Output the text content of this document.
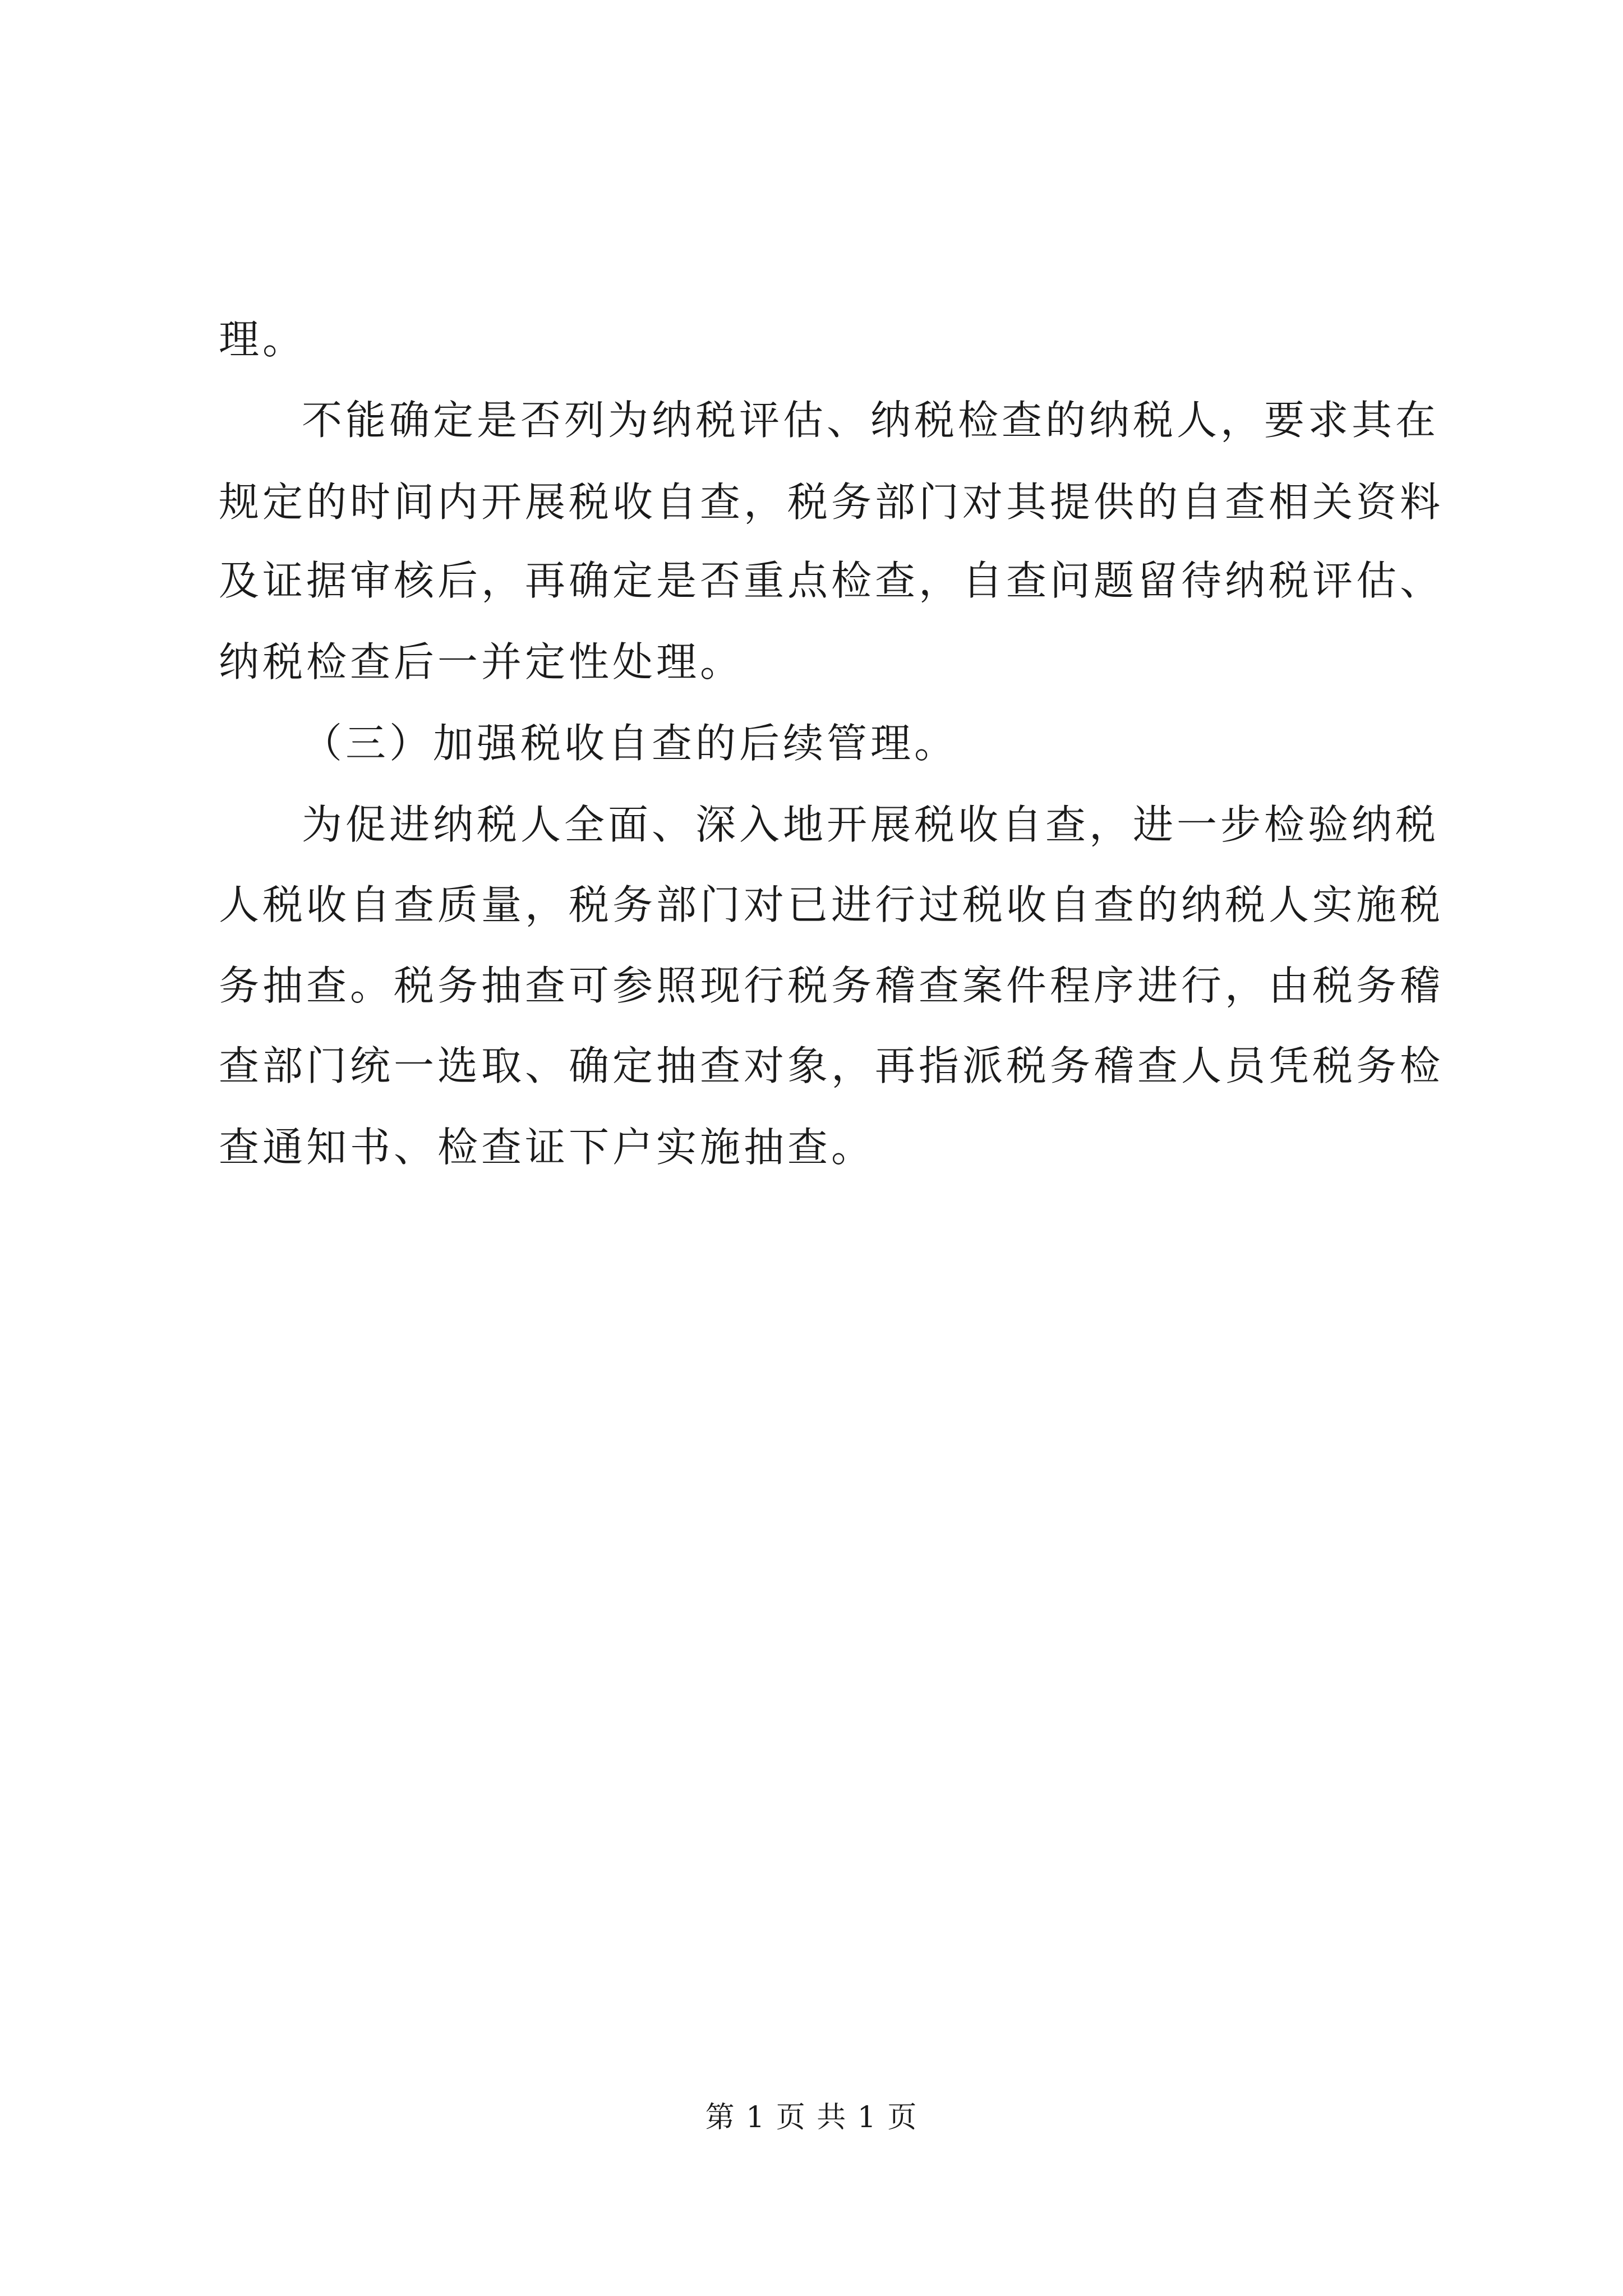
理。
不能确定是否列为纳税评估、纳税检查的纳税人，要求其在
规定的时间内开展税收自查，税务部门对其提供的自查相关资料
及证据审核后，再确定是否重点检查，自查问题留待纳税评估、
纳税检查后一并定性处理。
（三）加强税收自查的后续管理。
为促进纳税人全面、深入地开展税收自查，进一步检验纳税
人税收自查质量，税务部门对已进行过税收自查的纳税人实施税
务抽查。税务抽查可参照现行税务稽查案件程序进行，由税务稽
查部门统一选取、确定抽查对象，再指派税务稽查人员凭税务检
查通知书、检查证下户实施抽查。
第 1 页 共 1 页
